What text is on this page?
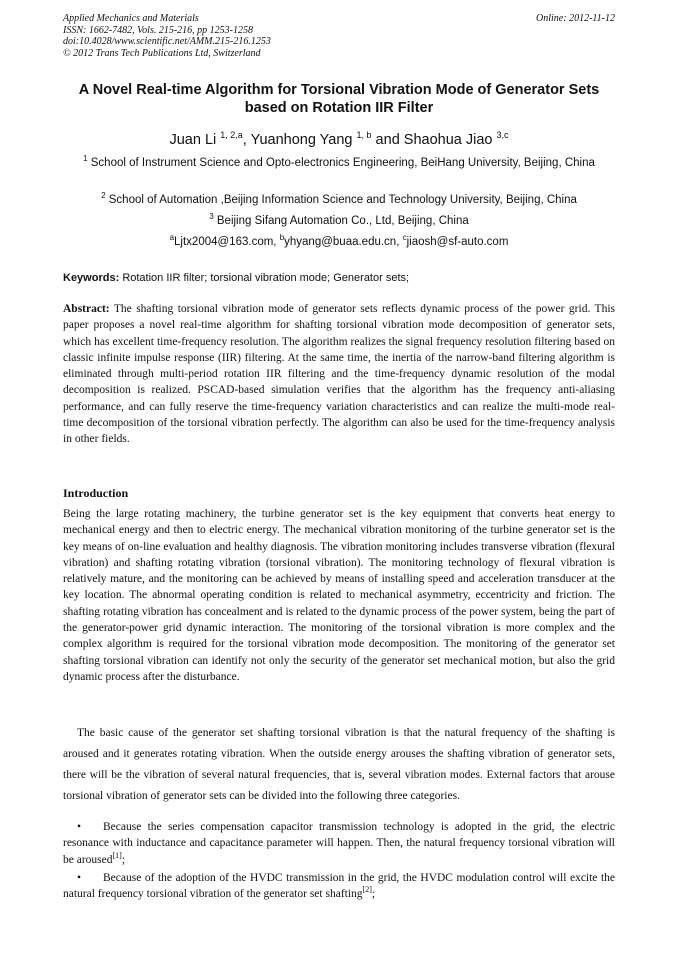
Applied Mechanics and Materials
ISSN: 1662-7482, Vols. 215-216, pp 1253-1258
doi:10.4028/www.scientific.net/AMM.215-216.1253
© 2012 Trans Tech Publications Ltd, Switzerland
Online: 2012-11-12
A Novel Real-time Algorithm for Torsional Vibration Mode of Generator Sets based on Rotation IIR Filter
Juan Li $^{1, 2,a}$, Yuanhong Yang $^{1, b}$ and Shaohua Jiao $^{3,c}$
$^1$ School of Instrument Science and Opto-electronics Engineering, BeiHang University, Beijing, China
$^2$ School of Automation ,Beijing Information Science and Technology University, Beijing, China
$^3$ Beijing Sifang Automation Co., Ltd, Beijing, China
$^a$Ljtx2004@163.com, $^b$yhyang@buaa.edu.cn, $^c$jiaosh@sf-auto.com
Keywords: Rotation IIR filter; torsional vibration mode; Generator sets;

Abstract: The shafting torsional vibration mode of generator sets reflects dynamic process of the power grid. This paper proposes a novel real-time algorithm for shafting torsional vibration mode decomposition of generator sets, which has excellent time-frequency resolution. The algorithm realizes the signal frequency resolution filtering based on classic infinite impulse response (IIR) filtering. At the same time, the inertia of the narrow-band filtering algorithm is eliminated through multi-period rotation IIR filtering and the time-frequency dynamic resolution of the modal decomposition is realized. PSCAD-based simulation verifies that the algorithm has the frequency anti-aliasing performance, and can fully reserve the time-frequency variation characteristics and can realize the multi-mode real-time decomposition of the torsional vibration perfectly. The algorithm can also be used for the time-frequency analysis in other fields.

Introduction

Being the large rotating machinery, the turbine generator set is the key equipment that converts heat energy to mechanical energy and then to electric energy. The mechanical vibration monitoring of the turbine generator set is the key means of on-line evaluation and healthy diagnosis. The vibration monitoring includes transverse vibration (flexural vibration) and shafting rotating vibration (torsional vibration). The monitoring technology of flexural vibration is relatively mature, and the monitoring can be achieved by means of installing speed and acceleration transducer at the key location. The abnormal operating condition is related to mechanical asymmetry, eccentricity and friction. The shafting rotating vibration has concealment and is related to the dynamic process of the power system, being the part of the generator-power grid dynamic interaction. The monitoring of the torsional vibration is more complex and the complex algorithm is required for the torsional vibration mode decomposition. The monitoring of the generator set shafting torsional vibration can identify not only the security of the generator set mechanical motion, but also the grid dynamic process after the disturbance.

The basic cause of the generator set shafting torsional vibration is that the natural frequency of the shafting is aroused and it generates rotating vibration. When the outside energy arouses the shafting vibration of generator sets, there will be the vibration of several natural frequencies, that is, several vibration modes. External factors that arouse torsional vibration of generator sets can be divided into the following three categories.

• Because the series compensation capacitor transmission technology is adopted in the grid, the electric resonance with inductance and capacitance parameter will happen. Then, the natural frequency torsional vibration will be aroused[1];
• Because of the adoption of the HVDC transmission in the grid, the HVDC modulation control will excite the natural frequency torsional vibration of the generator set shafting[2];
